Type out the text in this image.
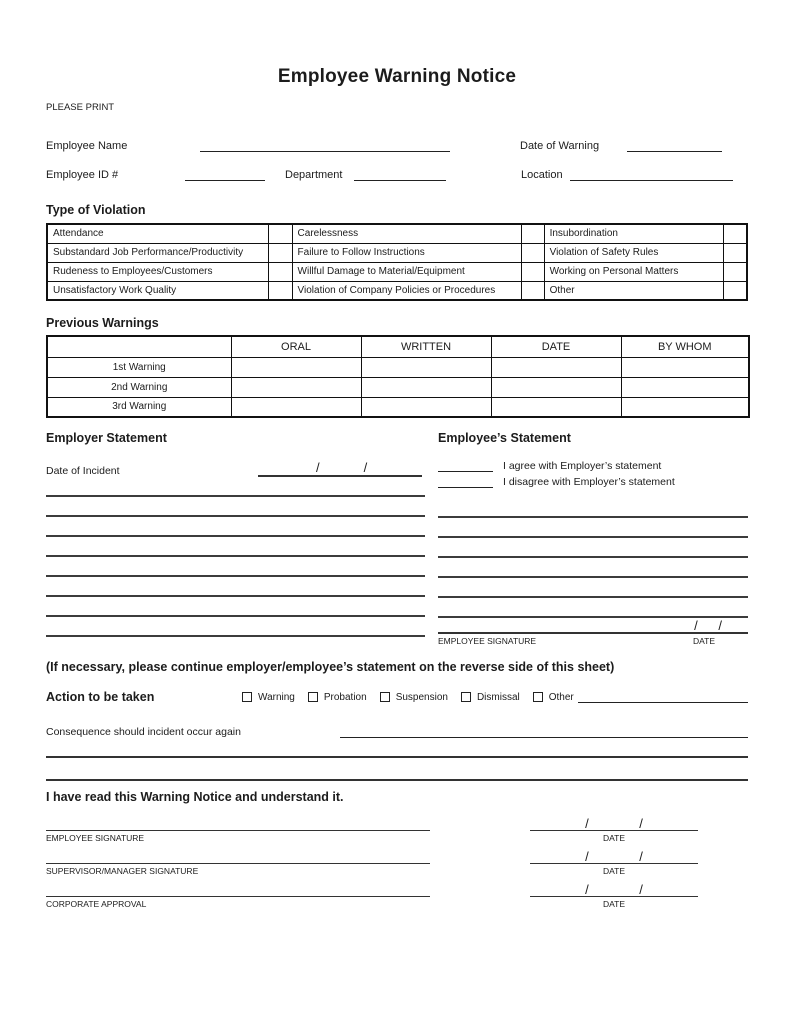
Employee Warning Notice
PLEASE PRINT
Employee Name	Date of Warning
Employee ID #	Department	Location
Type of Violation
Attendance		Carelessness		Insubordination	
Substandard Job Performance/Productivity		Failure to Follow Instructions		Violation of Safety Rules	
Rudeness to Employees/Customers		Willful Damage to Material/Equipment		Working on Personal Matters	
Unsatisfactory Work Quality		Violation of Company Policies or Procedures		Other	
Previous Warnings
	ORAL	WRITTEN	DATE	BY WHOM
1st Warning				
2nd Warning				
3rd Warning				
Employer Statement
Date of Incident	/	/
Employee’s Statement
I agree with Employer’s statement
I disagree with Employer’s statement
/ /
EMPLOYEE SIGNATURE	DATE
(If necessary, please continue employer/employee’s statement on the reverse side of this sheet)
Action to be taken	Warning	Probation	Suspension	Dismissal	Other
Consequence should incident occur again
I have read this Warning Notice and understand it.
EMPLOYEE SIGNATURE
/ /
DATE
SUPERVISOR/MANAGER SIGNATURE
/ /
DATE
CORPORATE APPROVAL
/ /
DATE
